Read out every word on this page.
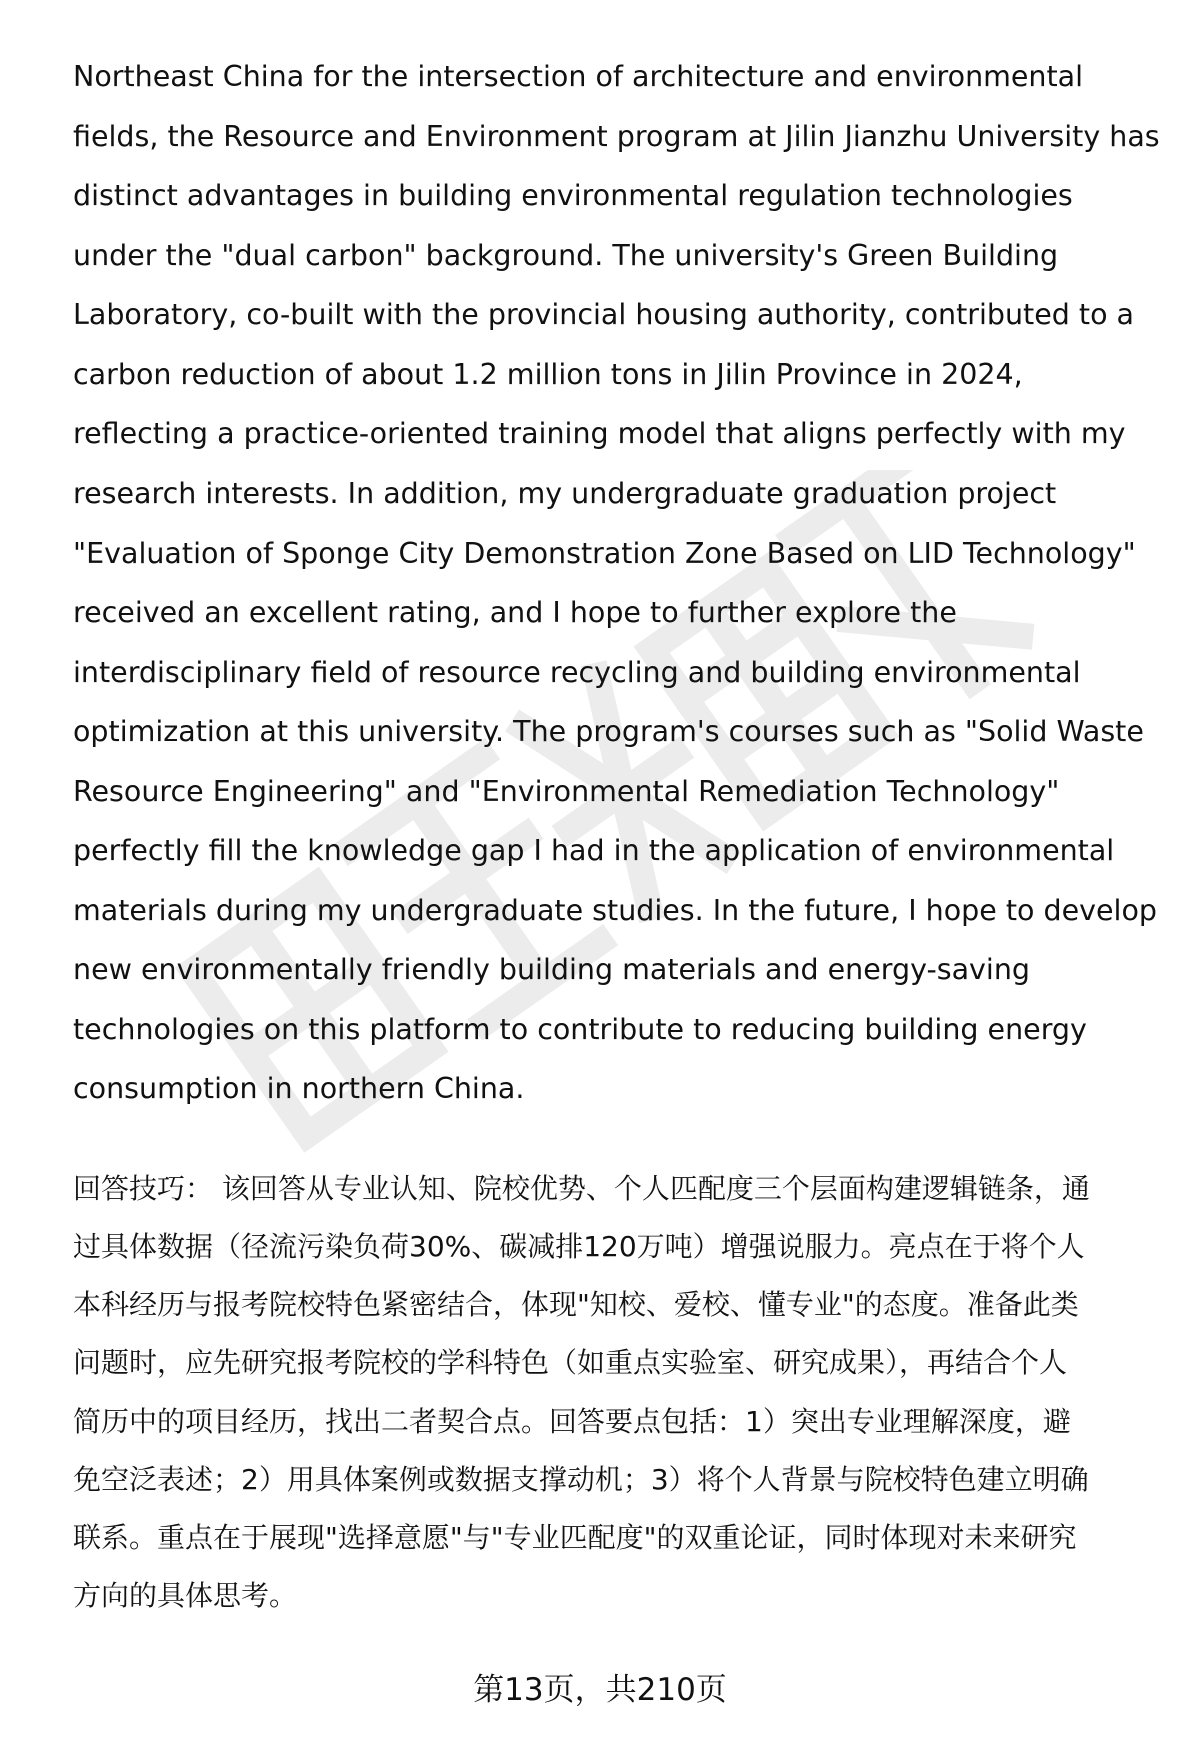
Northeast China for the intersection of architecture and environmental
fields, the Resource and Environment program at Jilin Jianzhu University has
distinct advantages in building environmental regulation technologies
under the "dual carbon" background. The university's Green Building
Laboratory, co-built with the provincial housing authority, contributed to a
carbon reduction of about 1.2 million tons in Jilin Province in 2024,
reflecting a practice-oriented training model that aligns perfectly with my
research interests. In addition, my undergraduate graduation project
"Evaluation of Sponge City Demonstration Zone Based on LID Technology"
received an excellent rating, and I hope to further explore the
interdisciplinary field of resource recycling and building environmental
optimization at this university. The program's courses such as "Solid Waste
Resource Engineering" and "Environmental Remediation Technology"
perfectly fill the knowledge gap I had in the application of environmental
materials during my undergraduate studies. In the future, I hope to develop
new environmentally friendly building materials and energy-saving
technologies on this platform to contribute to reducing building energy
consumption in northern China.
回答技巧： 该回答从专业认知、院校优势、个人匹配度三个层面构建逻辑链条，通
过具体数据（径流污染负荷30%、碳减排120万吨）增强说服力。亮点在于将个人
本科经历与报考院校特色紧密结合，体现"知校、爱校、懂专业"的态度。准备此类
问题时，应先研究报考院校的学科特色（如重点实验室、研究成果），再结合个人
简历中的项目经历，找出二者契合点。回答要点包括：1）突出专业理解深度，避
免空泛表述；2）用具体案例或数据支撑动机；3）将个人背景与院校特色建立明确
联系。重点在于展现"选择意愿"与"专业匹配度"的双重论证，同时体现对未来研究
方向的具体思考。
第13页，共210页
